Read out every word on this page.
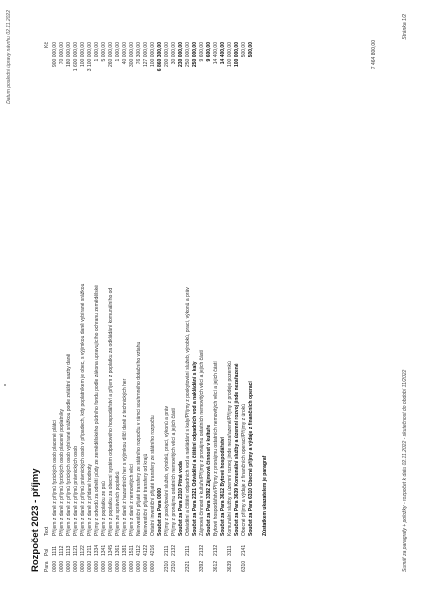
Datum posledni úpravy návrhu 02.11.2022
Rozpočet 2023 - příjmy Para
Pol
Text
Kč
0000
1111
Příjem z daně z příjmů fyzických osob placené plátci
900 000,00
0000
1112
Příjem z daně z příjmů fyzických osob placené poplatníky
70 000,00
0000
1113
Příjem z daně z příjmů fyzických osob vybírané srážkou podle zvláštní sazby daně
180 000,00
0000
1121
Příjem z daně z příjmů právnických osob
1 600 000,00
0000
1122
Příjem z daně z příjmů právnických osob v případech, kdy poplatníkem je obec, s výjimkou daně vybírané srážkou
100 000,00
0000
1211
Příjem z daně z přidané hodnoty
3 100 000,00
0000
1334
Příjmy z odvodů za odnětí půdy ze zemědělského půdního fondu podle zákona upravujícího ochranu zemědělské
1 000,00
0000
1341
Příjem z poplatku ze psů
5 000,00
0000
1345
Příjem z poplatku za obecní systém odpadového hospodářství a příjem z poplatku za odkládání komunálního od
260 000,00
0000
1361
Příjem ze správních poplatků
1 000,00
0000
1381
Příjem z daně z hazardních her s výjimkou dílčí daně z technických her
40 000,00
0000
1511
Příjem z daně z nemovitých věcí
300 000,00
0000
4112
Neinvestiční přijaté transfery ze státního rozpočtu v rámci souhrnného dotačního vztahu
76 300,00
0000
4122
Neinvestiční přijaté transfery od krajů
127 000,00
0000
4216
Ostatní investiční přijaté transfery ze státního rozpočtu
100 000,00
Součet za Para 0000
6 860 300,00
2310
2111
Příjmy z poskytování služeb, výrobků, prací, výkonů a práv
200 000,00
2310
2132
Příjmy z pronájmu ostatních nemovitých věcí a jejich částí
30 000,00
Součet za Para 2310 Pitná voda
230 000,00
2321
2111
Odvádění a čištění odpadních vod a nakládání s kaly/Příjmy z poskytování služeb, výrobků, prací, výkonů a práv
250 000,00
Součet za Para 2321 Odvádění a čištění odpadních vod a nakládání s kaly
250 000,00
3392
2132
Zájmová činnost v kultuře/Příjmy z pronájmu ostatních nemovitých věcí a jejich částí
9 600,00
Součet za Para 3392 Zájmová činnost v kultuře
9 600,00
3612
2132
Bytové hospodářství/Příjmy z pronájmu ostatních nemovitých věcí a jejich částí
14 400,00
Součet za Para 3612 Bytové hospodářství
14 400,00
3639
3111
Komunální služby a územní rozvoj jinde nezařazené/Příjmy z prodeje pozemků
100 000,00
Součet za Para 3639 Komunální služby a územní rozvoj jinde nezařazené
100 000,00
6310
2141
Obecné příjmy a výdaje z finančních operací/Příjmy z úroků
500,00
Součet za Para 6310 Obecné příjmy a výdaje z finančních operací
500,00
Zůstatkem ukazatelem je paragraf
7 464 800,00
Sumář za paragrafy + položky - rozpočet k datu 02.11.2022 - skutečnost do období 11/2022
Stránka 1/2
